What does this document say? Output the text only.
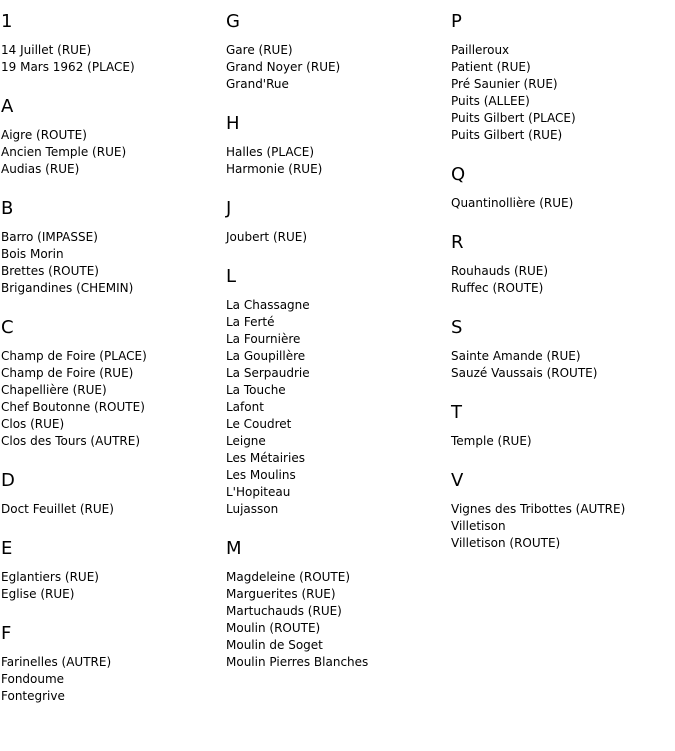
1
14 Juillet (RUE)
19 Mars 1962 (PLACE)
A
Aigre (ROUTE)
Ancien Temple (RUE)
Audias (RUE)
B
Barro (IMPASSE)
Bois Morin
Brettes (ROUTE)
Brigandines (CHEMIN)
C
Champ de Foire (PLACE)
Champ de Foire (RUE)
Chapellière (RUE)
Chef Boutonne (ROUTE)
Clos (RUE)
Clos des Tours (AUTRE)
D
Doct Feuillet (RUE)
E
Eglantiers (RUE)
Eglise (RUE)
F
Farinelles (AUTRE)
Fondoume
Fontegrive
G
Gare (RUE)
Grand Noyer (RUE)
Grand'Rue
H
Halles (PLACE)
Harmonie (RUE)
J
Joubert (RUE)
L
La Chassagne
La Ferté
La Fournière
La Goupillère
La Serpaudrie
La Touche
Lafont
Le Coudret
Leigne
Les Métairies
Les Moulins
L'Hopiteau
Lujasson
M
Magdeleine (ROUTE)
Marguerites (RUE)
Martuchauds (RUE)
Moulin (ROUTE)
Moulin de Soget
Moulin Pierres Blanches
P
Pailleroux
Patient (RUE)
Pré Saunier (RUE)
Puits (ALLEE)
Puits Gilbert (PLACE)
Puits Gilbert (RUE)
Q
Quantinollière (RUE)
R
Rouhauds (RUE)
Ruffec (ROUTE)
S
Sainte Amande (RUE)
Sauzé Vaussais (ROUTE)
T
Temple (RUE)
V
Vignes des Tribottes (AUTRE)
Villetison
Villetison (ROUTE)
